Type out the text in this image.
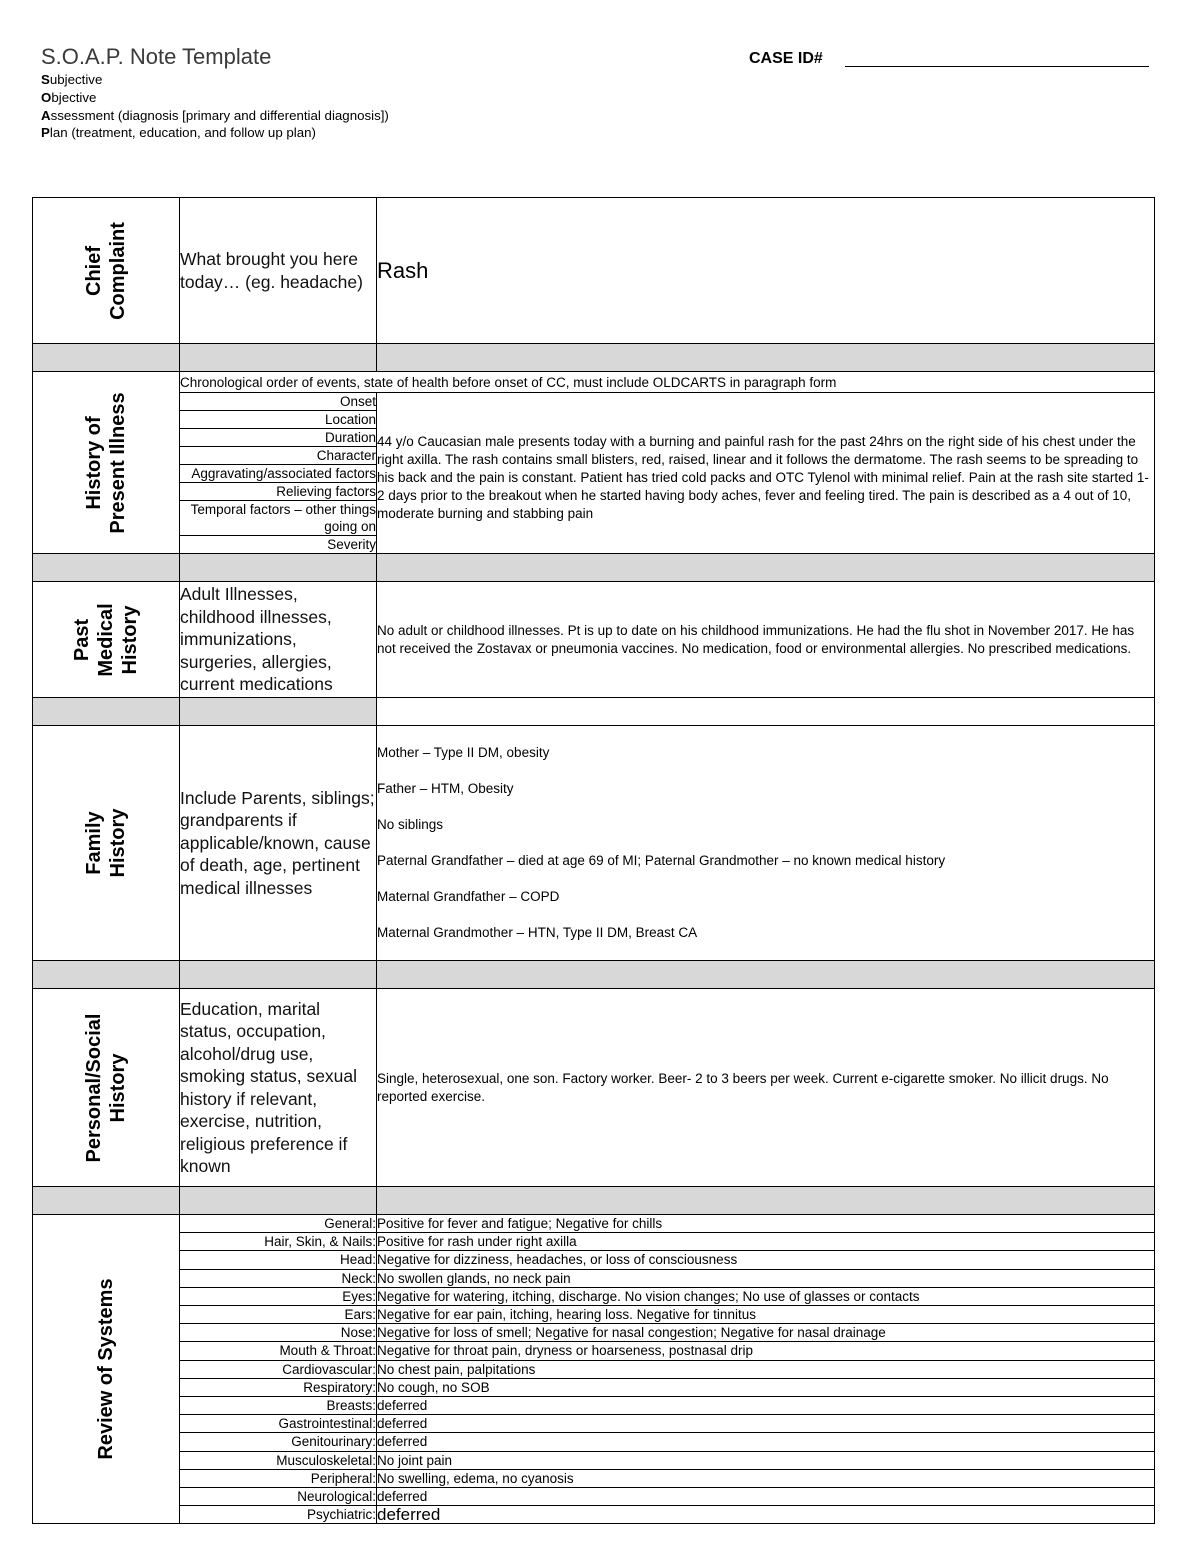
S.O.A.P. Note Template
Subjective
Objective
Assessment (diagnosis [primary and differential diagnosis])
Plan (treatment, education, and follow up plan)
CASE ID#
Chief Complaint	What brought you here today… (eg. headache)	Rash

History of Present Illness
	Chronological order of events, state of health before onset of CC, must include OLDCARTS in paragraph form

Onset
Location
Duration
Character
Aggravating/associated factors
Relieving factors
Temporal factors – other things going on
Severity
	44 y/o Caucasian male presents today with a burning and painful rash for the past 24hrs on the right side of his chest under the right axilla. The rash contains small blisters, red, raised, linear and it follows the dermatome. The rash seems to be spreading to his back and the pain is constant. Patient has tried cold packs and OTC Tylenol with minimal relief. Pain at the rash site started 1-2 days prior to the breakout when he started having body aches, fever and feeling tired. The pain is described as a 4 out of 10, moderate burning and stabbing pain

Past Medical History
	Adult Illnesses, childhood illnesses, immunizations, surgeries, allergies, current medications	No adult or childhood illnesses. Pt is up to date on his childhood immunizations. He had the flu shot in November 2017. He has not received the Zostavax or pneumonia vaccines. No medication, food or environmental allergies. No prescribed medications.

Family History
	Include Parents, siblings; grandparents if applicable/known, cause of death, age, pertinent medical illnesses	

Mother – Type II DM, obesity

Father – HTM, Obesity

No siblings

Paternal Grandfather – died at age 69 of MI; Paternal Grandmother – no known medical history

Maternal Grandfather – COPD

Maternal Grandmother – HTN, Type II DM, Breast CA

Personal/Social History
	Education, marital status, occupation, alcohol/drug use, smoking status, sexual history if relevant, exercise, nutrition, religious preference if known	Single, heterosexual, one son. Factory worker. Beer- 2 to 3 beers per week. Current e-cigarette smoker. No illicit drugs. No reported exercise.

Review of Systems
	General:	Positive for fever and fatigue; Negative for chills
Hair, Skin, & Nails:	Positive for rash under right axilla
Head:	Negative for dizziness, headaches, or loss of consciousness
Neck:	No swollen glands, no neck pain
Eyes:	Negative for watering, itching, discharge. No vision changes; No use of glasses or contacts
Ears:	Negative for ear pain, itching, hearing loss. Negative for tinnitus
Nose:	Negative for loss of smell; Negative for nasal congestion; Negative for nasal drainage
Mouth & Throat:	Negative for throat pain, dryness or hoarseness, postnasal drip
Cardiovascular:	No chest pain, palpitations
Respiratory:	No cough, no SOB
Breasts:	deferred
Gastrointestinal:	deferred
Genitourinary:	deferred
Musculoskeletal:	No joint pain
Peripheral:	No swelling, edema, no cyanosis
Neurological:	deferred
Psychiatric:	deferred
